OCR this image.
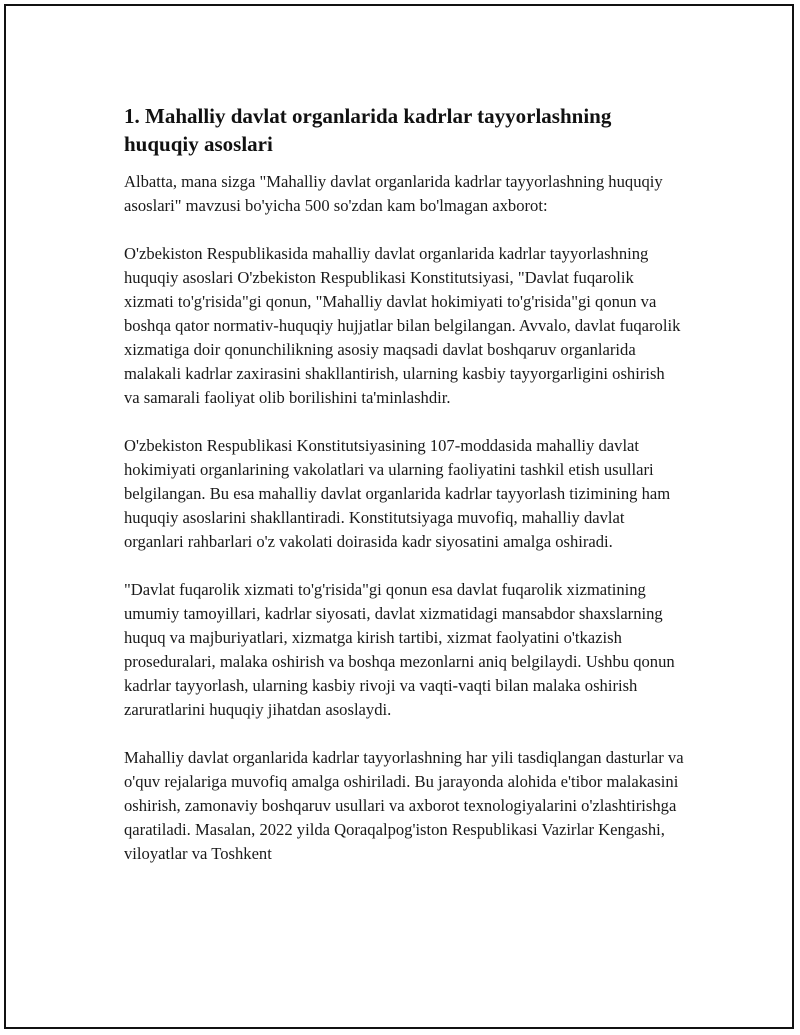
1. Mahalliy davlat organlarida kadrlar tayyorlashning huquqiy asoslari

Albatta, mana sizga "Mahalliy davlat organlarida kadrlar tayyorlashning huquqiy asoslari" mavzusi bo'yicha 500 so'zdan kam bo'lmagan axborot:

O'zbekiston Respublikasida mahalliy davlat organlarida kadrlar tayyorlashning huquqiy asoslari O'zbekiston Respublikasi Konstitutsiyasi, "Davlat fuqarolik xizmati to'g'risida"gi qonun, "Mahalliy davlat hokimiyati to'g'risida"gi qonun va boshqa qator normativ-huquqiy hujjatlar bilan belgilangan. Avvalo, davlat fuqarolik xizmatiga doir qonunchilikning asosiy maqsadi davlat boshqaruv organlarida malakali kadrlar zaxirasini shakllantirish, ularning kasbiy tayyorgarligini oshirish va samarali faoliyat olib borilishini ta'minlashdir.

O'zbekiston Respublikasi Konstitutsiyasining 107-moddasida mahalliy davlat hokimiyati organlarining vakolatlari va ularning faoliyatini tashkil etish usullari belgilangan. Bu esa mahalliy davlat organlarida kadrlar tayyorlash tizimining ham huquqiy asoslarini shakllantiradi. Konstitutsiyaga muvofiq, mahalliy davlat organlari rahbarlari o'z vakolati doirasida kadr siyosatini amalga oshiradi.

"Davlat fuqarolik xizmati to'g'risida"gi qonun esa davlat fuqarolik xizmatining umumiy tamoyillari, kadrlar siyosati, davlat xizmatidagi mansabdor shaxslarning huquq va majburiyatlari, xizmatga kirish tartibi, xizmat faolyatini o'tkazish proseduralari, malaka oshirish va boshqa mezonlarni aniq belgilaydi. Ushbu qonun kadrlar tayyorlash, ularning kasbiy rivoji va vaqti-vaqti bilan malaka oshirish zaruratlarini huquqiy jihatdan asoslaydi.

Mahalliy davlat organlarida kadrlar tayyorlashning har yili tasdiqlangan dasturlar va o'quv rejalariga muvofiq amalga oshiriladi. Bu jarayonda alohida e'tibor malakasini oshirish, zamonaviy boshqaruv usullari va axborot texnologiyalarini o'zlashtirishga qaratiladi. Masalan, 2022 yilda Qoraqalpog'iston Respublikasi Vazirlar Kengashi, viloyatlar va Toshkent
